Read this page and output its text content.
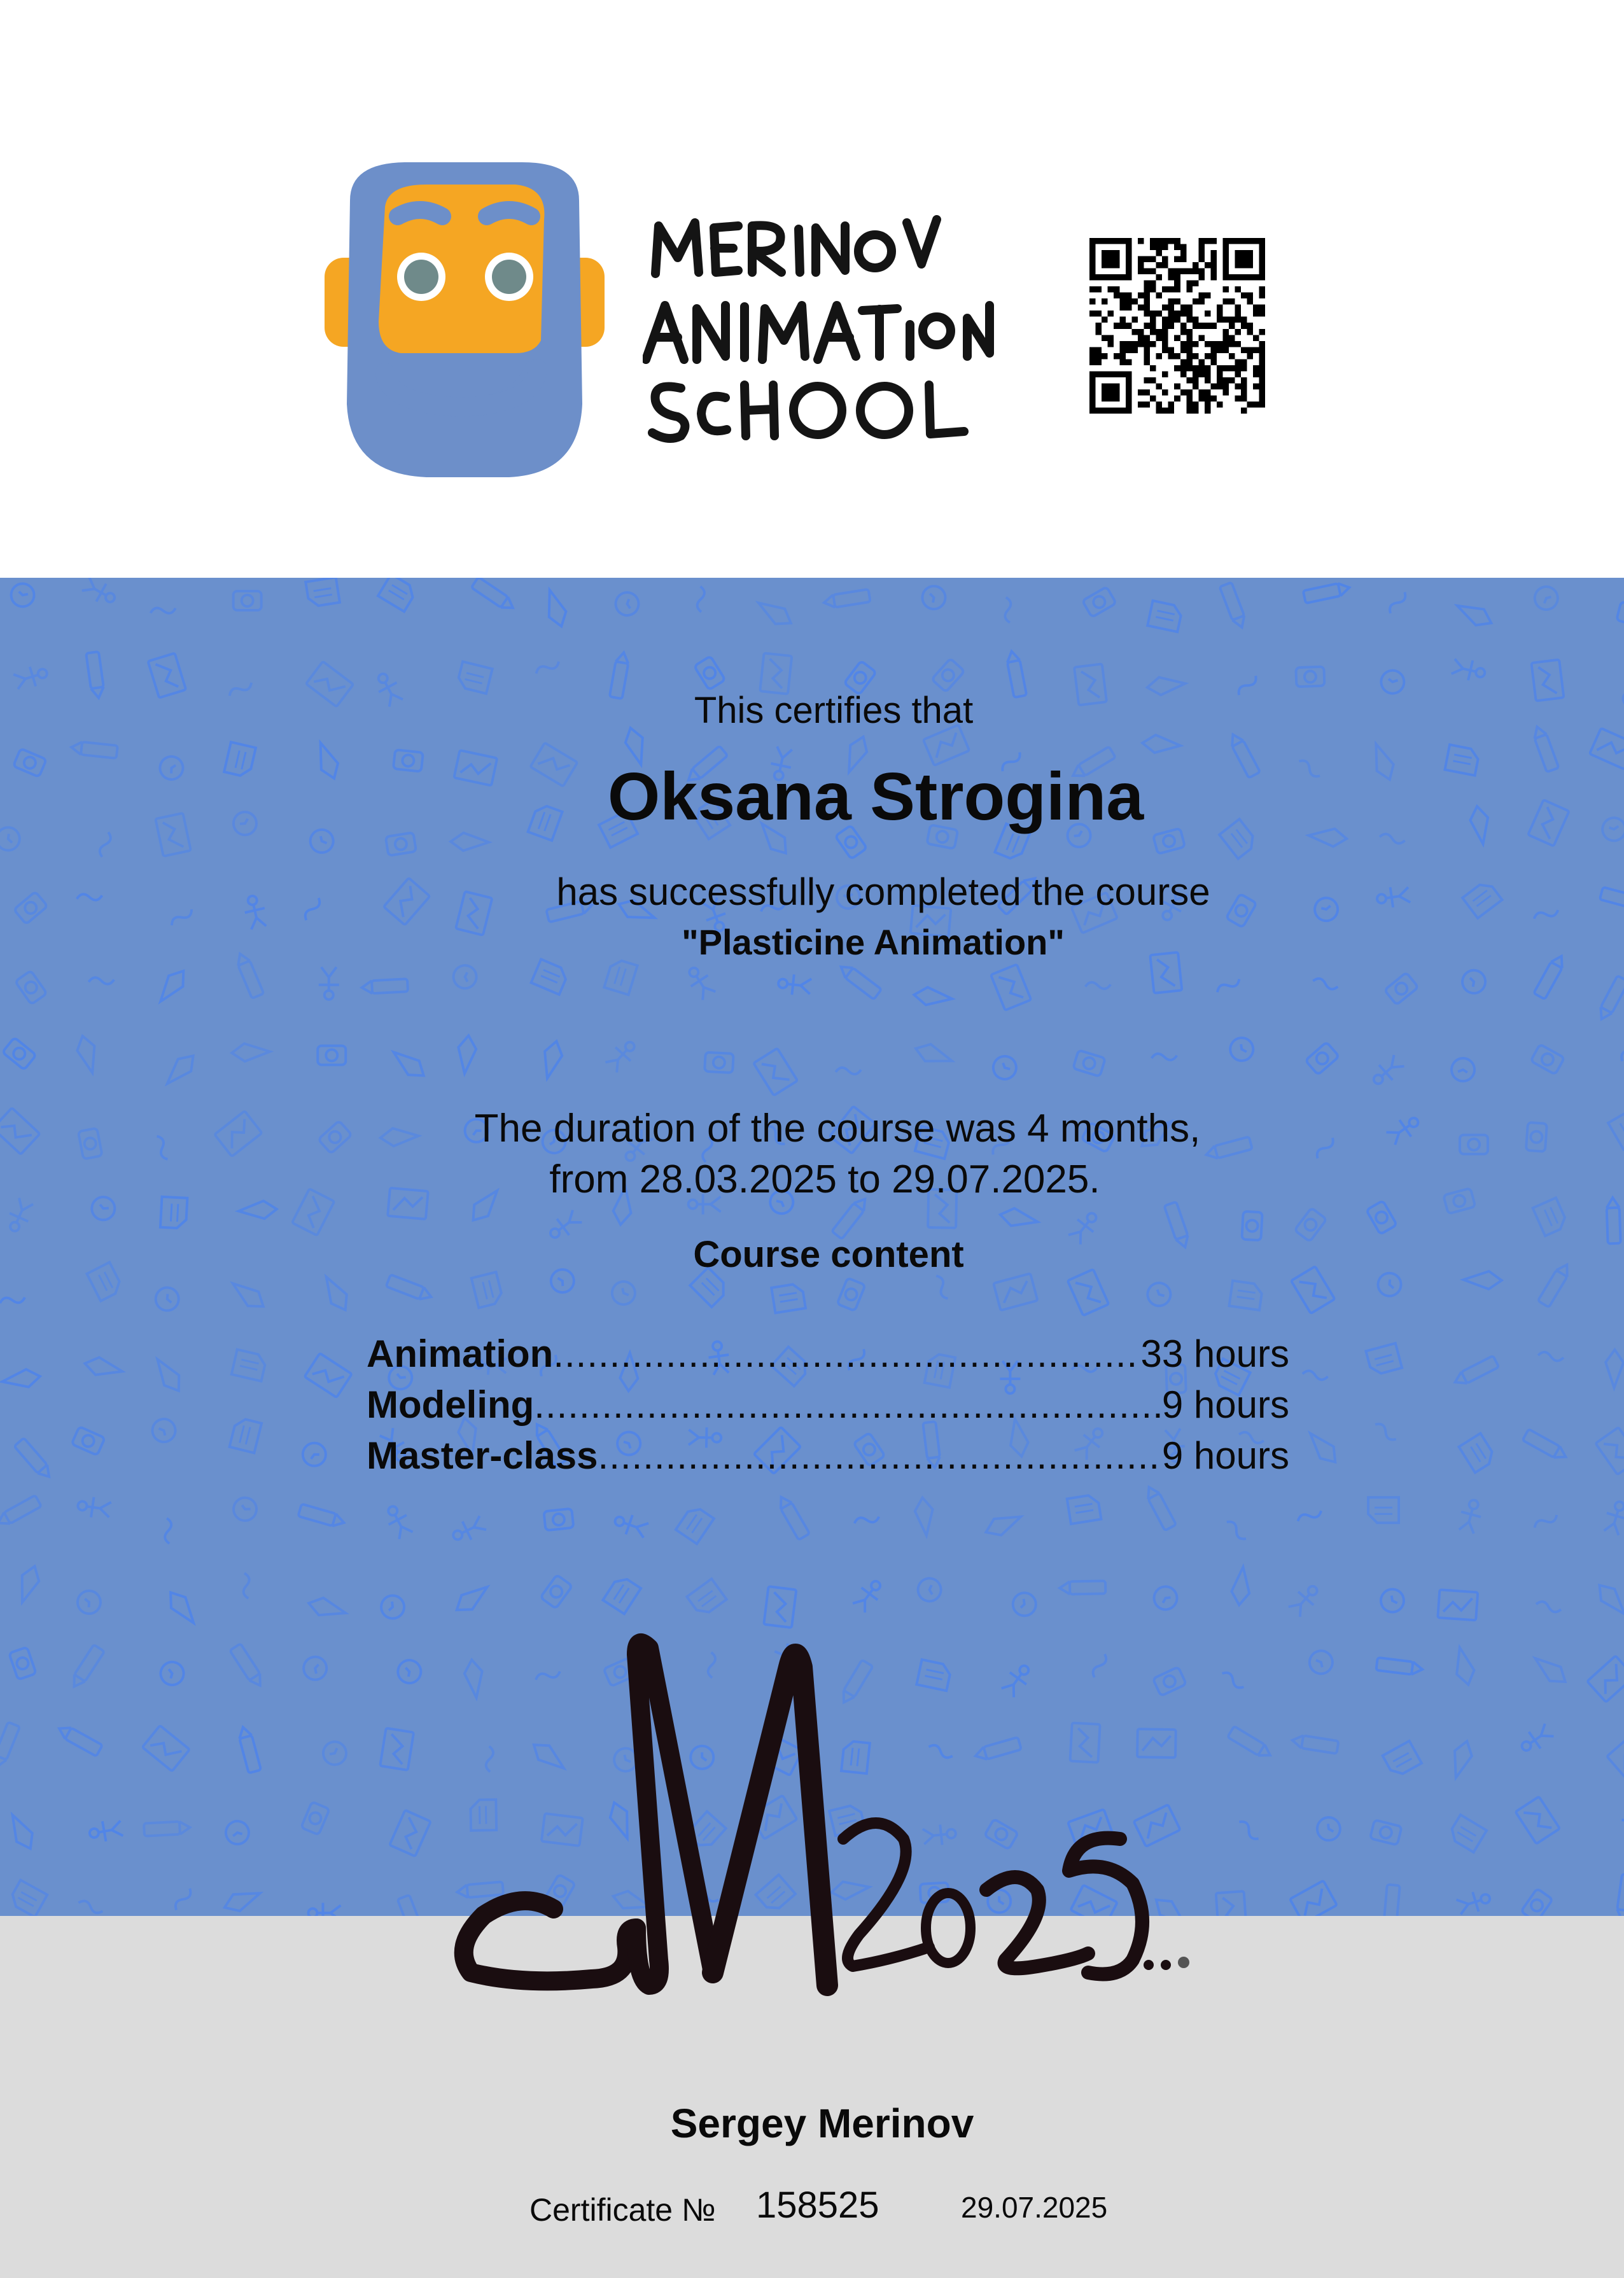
This certifies that
Oksana Strogina
has successfully completed the course
"Plasticine Animation"
The duration of the course was 4 months,
from 28.03.2025 to 29.07.2025.
Course content
Animation .....	33 hours
Modeling .....	9 hours
Master-class .....	9 hours
Sergey Merinov
Certificate № 158525	29.07.2025
